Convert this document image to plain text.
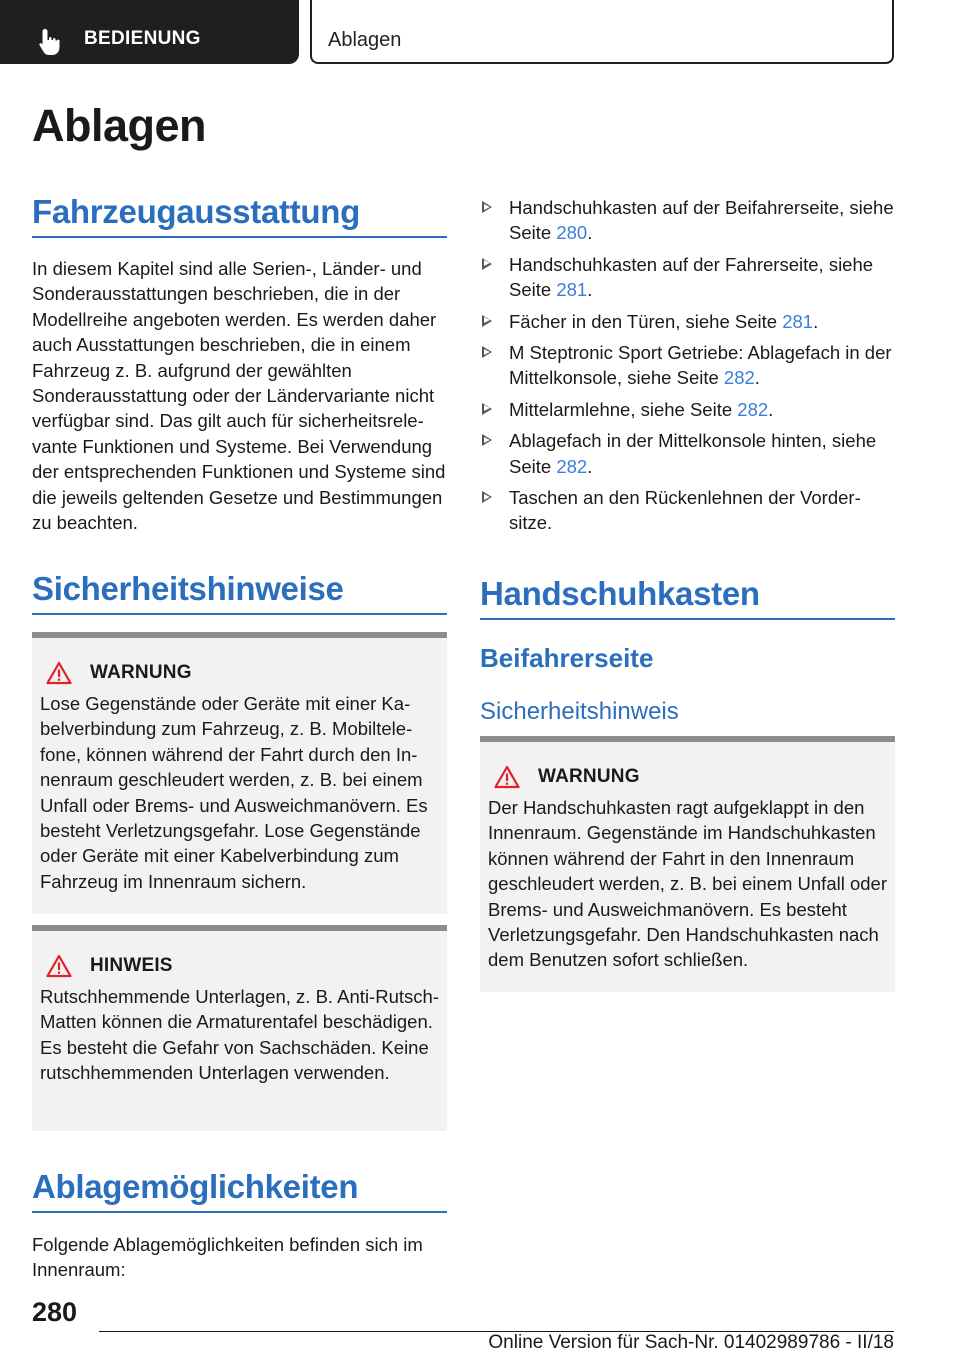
BEDIENUNG	Ablagen
Ablagen
Fahrzeugausstattung

In diesem Kapitel sind alle Serien-, Länder- und Sonderausstattungen beschrieben, die in der Modellreihe angeboten werden. Es werden daher auch Ausstattungen beschrieben, die in einem Fahrzeug z. B. aufgrund der gewählten Sonderausstattung oder der Ländervariante nicht verfügbar sind. Das gilt auch für sicherheitsrelevante Funktionen und Systeme. Bei Verwendung der entsprechenden Funktionen und Systeme sind die jeweils geltenden Gesetze und Bestimmungen zu beachten.

Sicherheitshinweise
WARNUNG

Lose Gegenstände oder Geräte mit einer Kabelverbindung zum Fahrzeug, z. B. Mobiltelefone, können während der Fahrt durch den Innenraum geschleudert werden, z. B. bei einem Unfall oder Brems- und Ausweichmanövern. Es besteht Verletzungsgefahr. Lose Gegenstände oder Geräte mit einer Kabelverbindung zum Fahrzeug im Innenraum sichern.

HINWEIS

Rutschhemmende Unterlagen, z. B. Anti-Rutsch-Matten können die Armaturentafel beschädigen. Es besteht die Gefahr von Sachschäden. Keine rutschhemmenden Unterlagen verwenden.

Ablagemöglichkeiten

Folgende Ablagemöglichkeiten befinden sich im Innenraum:

Handschuhkasten auf der Beifahrerseite, siehe Seite 280.
Handschuhkasten auf der Fahrerseite, siehe Seite 281.
Fächer in den Türen, siehe Seite 281.
M Steptronic Sport Getriebe: Ablagefach in der Mittelkonsole, siehe Seite 282.
Mittelarmlehne, siehe Seite 282.
Ablagefach in der Mittelkonsole hinten, siehe Seite 282.
Taschen an den Rückenlehnen der Vordersitze.
Handschuhkasten
Beifahrerseite
Sicherheitshinweis
WARNUNG

Der Handschuhkasten ragt aufgeklappt in den Innenraum. Gegenstände im Handschuhkasten können während der Fahrt in den Innenraum geschleudert werden, z. B. bei einem Unfall oder Brems- und Ausweichmanövern. Es besteht Verletzungsgefahr. Den Handschuhkasten nach dem Benutzen sofort schließen.

280
Online Version für Sach-Nr. 01402989786 - II/18
